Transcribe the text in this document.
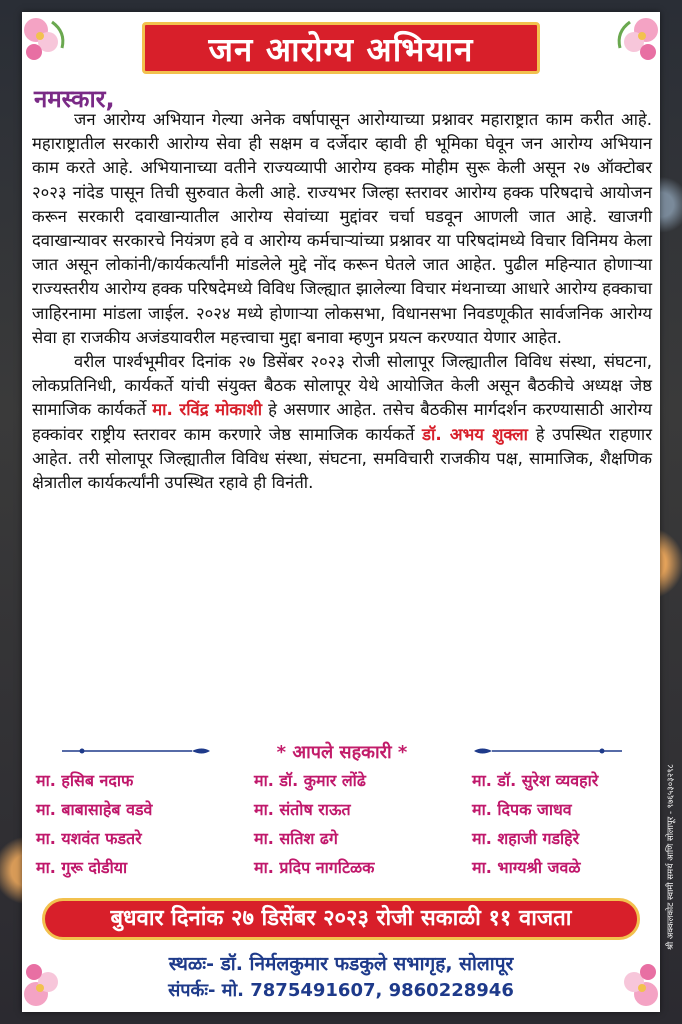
जन आरोग्य अभियान
नमस्कार,

जन आरोग्य अभियान गेल्या अनेक वर्षापासून आरोग्याच्या प्रश्नावर महाराष्ट्रात काम करीत आहे. महाराष्ट्रातील सरकारी आरोग्य सेवा ही सक्षम व दर्जेदार व्हावी ही भूमिका घेवून जन आरोग्य अभियान काम करते आहे. अभियानाच्या वतीने राज्यव्यापी आरोग्य हक्क मोहीम सुरू केली असून २७ ऑक्टोबर २०२३ नांदेड पासून तिची सुरुवात केली आहे. राज्यभर जिल्हा स्तरावर आरोग्य हक्क परिषदाचे आयोजन करून सरकारी दवाखान्यातील आरोग्य सेवांच्या मुद्दांवर चर्चा घडवून आणली जात आहे. खाजगी दवाखान्यावर सरकारचे नियंत्रण हवे व आरोग्य कर्मचाऱ्यांच्या प्रश्नावर या परिषदांमध्ये विचार विनिमय केला जात असून लोकांनी/कार्यकर्त्यांनी मांडलेले मुद्दे नोंद करून घेतले जात आहेत. पुढील महिन्यात होणाऱ्या राज्यस्तरीय आरोग्य हक्क परिषदेमध्ये विविध जिल्ह्यात झालेल्या विचार मंथनाच्या आधारे आरोग्य हक्काचा जाहिरनामा मांडला जाईल. २०२४ मध्ये होणाऱ्या लोकसभा, विधानसभा निवडणूकीत सार्वजनिक आरोग्य सेवा हा राजकीय अजंडयावरील महत्त्वाचा मुद्दा बनावा म्हणुन प्रयत्न करण्यात येणार आहेत.

वरील पार्श्वभूमीवर दिनांक २७ डिसेंबर २०२३ रोजी सोलापूर जिल्ह्यातील विविध संस्था, संघटना, लोकप्रतिनिधी, कार्यकर्ते यांची संयुक्त बैठक सोलापूर येथे आयोजित केली असून बैठकीचे अध्यक्ष जेष्ठ सामाजिक कार्यकर्ते मा. रविंद्र मोकाशी हे असणार आहेत. तसेच बैठकीस मार्गदर्शन करण्यासाठी आरोग्य हक्कांवर राष्ट्रीय स्तरावर काम करणारे जेष्ठ सामाजिक कार्यकर्ते डॉ. अभय शुक्ला हे उपस्थित राहणार आहेत. तरी सोलापूर जिल्ह्यातील विविध संस्था, संघटना, समविचारी राजकीय पक्ष, सामाजिक, शैक्षणिक क्षेत्रातील कार्यकर्त्यांनी उपस्थित रहावे ही विनंती.

* आपले सहकारी *
मा. हसिब नदाफ	मा. डॉ. कुमार लोंढे	मा. डॉ. सुरेश व्यवहारे
मा. बाबासाहेब वडवे	मा. संतोष राऊत	मा. दिपक जाधव
मा. यशवंत फडतरे	मा. सतिश ढगे	मा. शहाजी गडहिरे
मा. गुरू दोडीया	मा. प्रदिप नागटिळक	मा. भाग्यश्री जवळे
बुधवार दिनांक २७ डिसेंबर २०२३ रोजी सकाळी ११ वाजता
स्थळः- डॉ. निर्मलकुमार फडकुले सभागृह, सोलापूर
संपर्कः- मो. 7875491607, 9860228946
श्री अक्कलकोट स्वामी समर्थ आणि सोलापूर - ९७६५३०३२९८
